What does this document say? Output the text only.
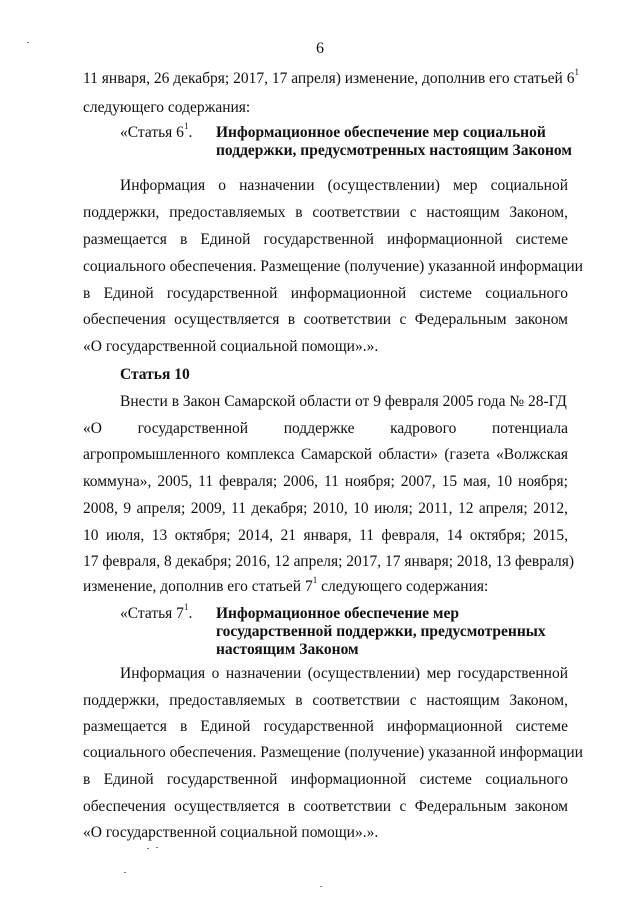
6
11 января, 26 декабря; 2017, 17 апреля) изменение, дополнив его статьей $6^1$
следующего содержания:
«Статья $6^1$. Информационное обеспечение мер социальной
поддержки, предусмотренных настоящим Законом
Информация о назначении (осуществлении) мер социальной
поддержки, предоставляемых в соответствии с настоящим Законом,
размещается в Единой государственной информационной системе
социального обеспечения. Размещение (получение) указанной информации
в Единой государственной информационной системе социального
обеспечения осуществляется в соответствии с Федеральным законом
«О государственной социальной помощи».».
Статья 10
Внести в Закон Самарской области от 9 февраля 2005 года № 28-ГД
«О государственной поддержке кадрового потенциала
агропромышленного комплекса Самарской области» (газета «Волжская
коммуна», 2005, 11 февраля; 2006, 11 ноября; 2007, 15 мая, 10 ноября;
2008, 9 апреля; 2009, 11 декабря; 2010, 10 июля; 2011, 12 апреля; 2012,
10 июля, 13 октября; 2014, 21 января, 11 февраля, 14 октября; 2015,
17 февраля, 8 декабря; 2016, 12 апреля; 2017, 17 января; 2018, 13 февраля)
изменение, дополнив его статьей $7^1$ следующего содержания:
«Статья $7^1$. Информационное обеспечение мер
государственной поддержки, предусмотренных
настоящим Законом
Информация о назначении (осуществлении) мер государственной
поддержки, предоставляемых в соответствии с настоящим Законом,
размещается в Единой государственной информационной системе
социального обеспечения. Размещение (получение) указанной информации
в Единой государственной информационной системе социального
обеспечения осуществляется в соответствии с Федеральным законом
«О государственной социальной помощи».».
